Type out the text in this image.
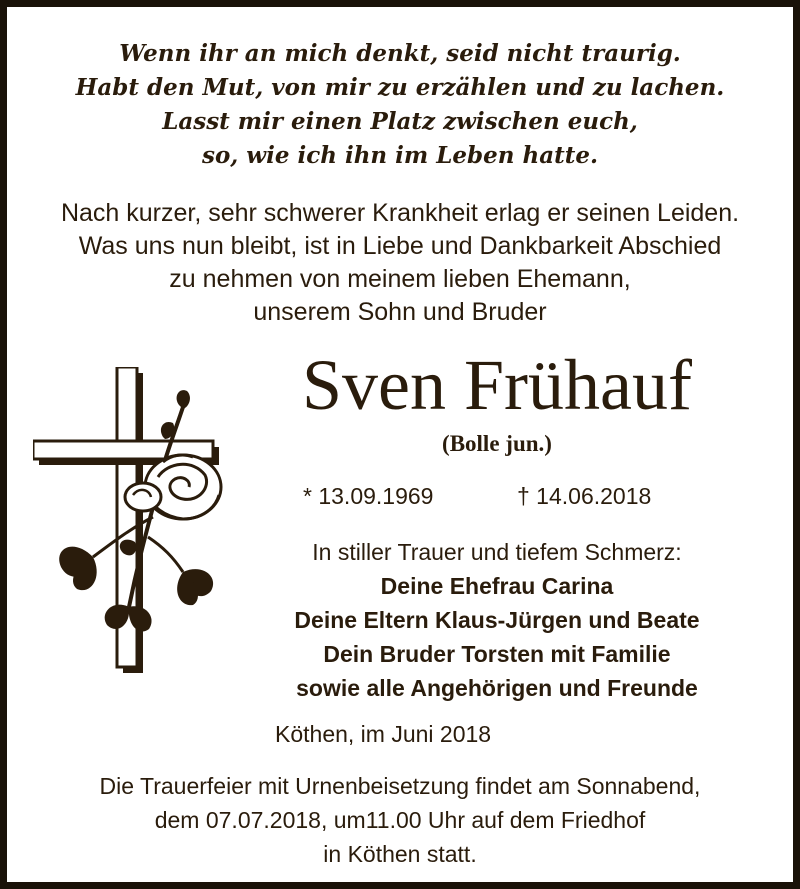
Wenn ihr an mich denkt, seid nicht traurig.
Habt den Mut, von mir zu erzählen und zu lachen.
Lasst mir einen Platz zwischen euch,
so, wie ich ihn im Leben hatte.
Nach kurzer, sehr schwerer Krankheit erlag er seinen Leiden.
Was uns nun bleibt, ist in Liebe und Dankbarkeit Abschied
zu nehmen von meinem lieben Ehemann,
unserem Sohn und Bruder
Sven Frühauf
(Bolle jun.)
* 13.09.1969	† 14.06.2018
In stiller Trauer und tiefem Schmerz:
Deine Ehefrau Carina
Deine Eltern Klaus-Jürgen und Beate
Dein Bruder Torsten mit Familie
sowie alle Angehörigen und Freunde
Köthen, im Juni 2018
Die Trauerfeier mit Urnenbeisetzung findet am Sonnabend,
dem 07.07.2018, um11.00 Uhr auf dem Friedhof
in Köthen statt.
